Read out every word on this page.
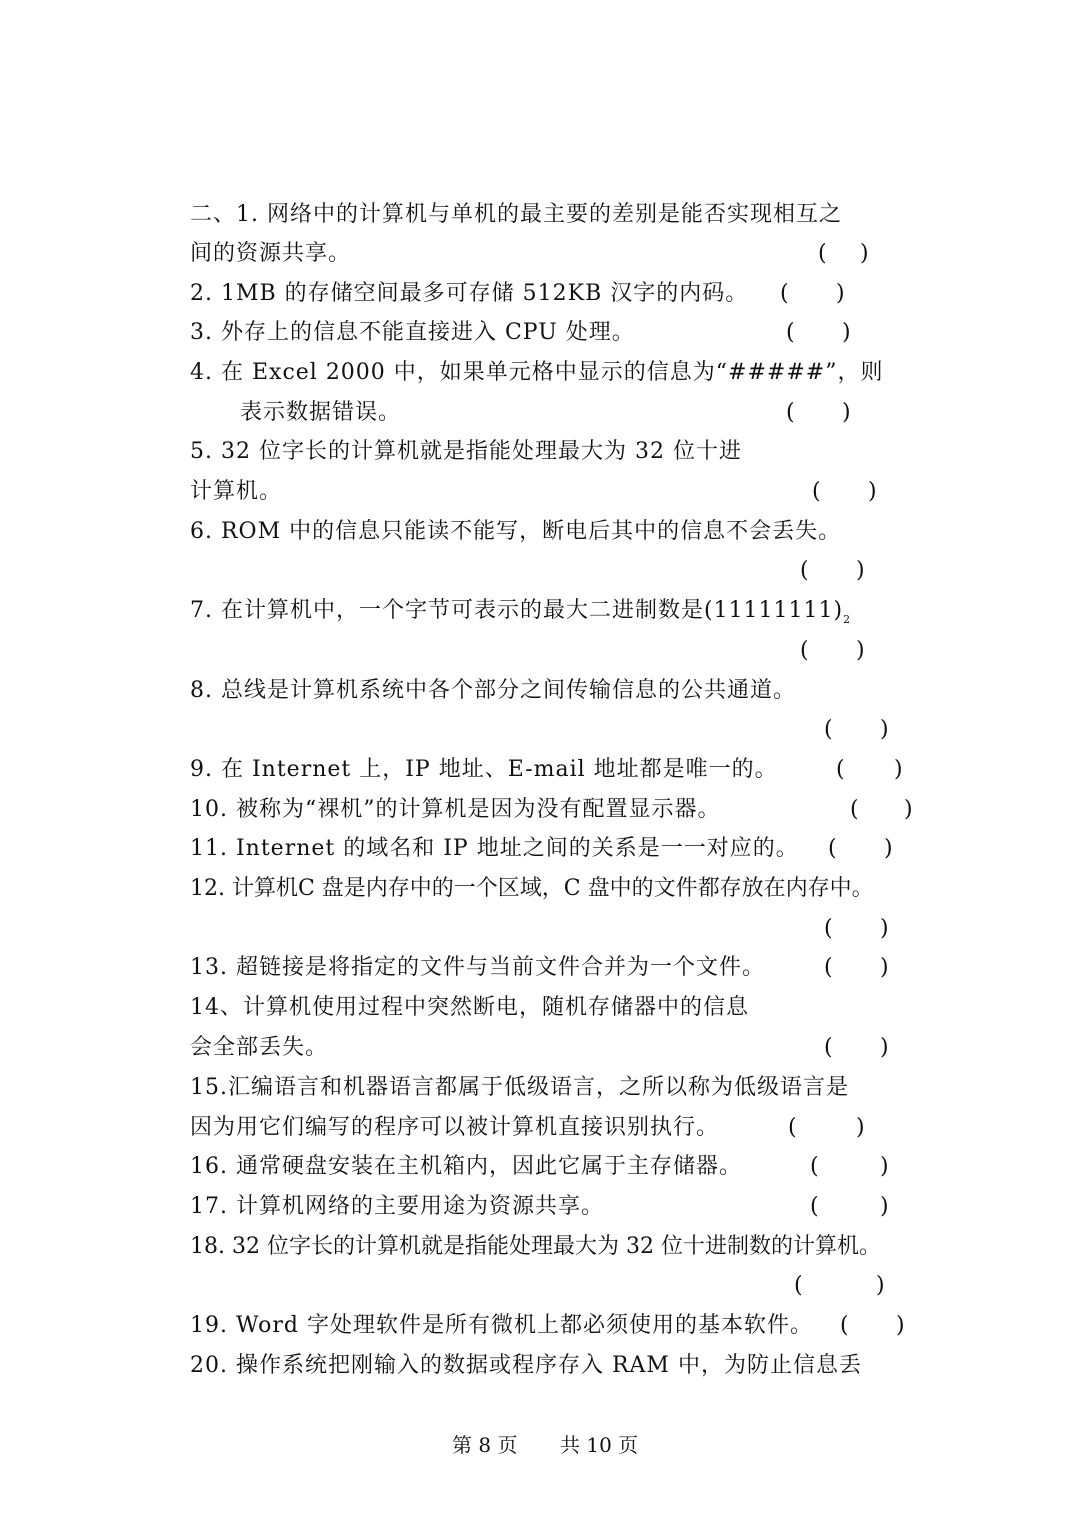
二、1. 网络中的计算机与单机的最主要的差别是能否实现相互之
间的资源共享。	( )
2. 1MB 的存储空间最多可存储 512KB 汉字的内码。 ( )
3. 外存上的信息不能直接进入 CPU 处理。	( )
4. 在 Excel 2000 中，如果单元格中显示的信息为“#####”，则
表示数据错误。	( )
5. 32 位字长的计算机就是指能处理最大为 32 位十进
计算机。	( )
6. ROM 中的信息只能读不能写，断电后其中的信息不会丢失。
( )
7. 在计算机中，一个字节可表示的最大二进制数是$(11111111)_2$
( )
8. 总线是计算机系统中各个部分之间传输信息的公共通道。
( )
9. 在 Internet 上，IP 地址、E-mail 地址都是唯一的。	( )
10. 被称为“裸机”的计算机是因为没有配置显示器。	( )
11. Internet 的域名和 IP 地址之间的关系是一一对应的。 ( )
12. 计算机C 盘是内存中的一个区域，C 盘中的文件都存放在内存中。
( )
13. 超链接是将指定的文件与当前文件合并为一个文件。	( )
14、计算机使用过程中突然断电，随机存储器中的信息
会全部丢失。	( )
15.汇编语言和机器语言都属于低级语言，之所以称为低级语言是
因为用它们编写的程序可以被计算机直接识别执行。	(	)
16. 通常硬盘安装在主机箱内，因此它属于主存储器。	(	)
17. 计算机网络的主要用途为资源共享。	(	)
18. 32 位字长的计算机就是指能处理最大为 32 位十进制数的计算机。
(	)
19. Word 字处理软件是所有微机上都必须使用的基本软件。 ( )
20. 操作系统把刚输入的数据或程序存入 RAM 中，为防止信息丢
第 8 页 共 10 页
